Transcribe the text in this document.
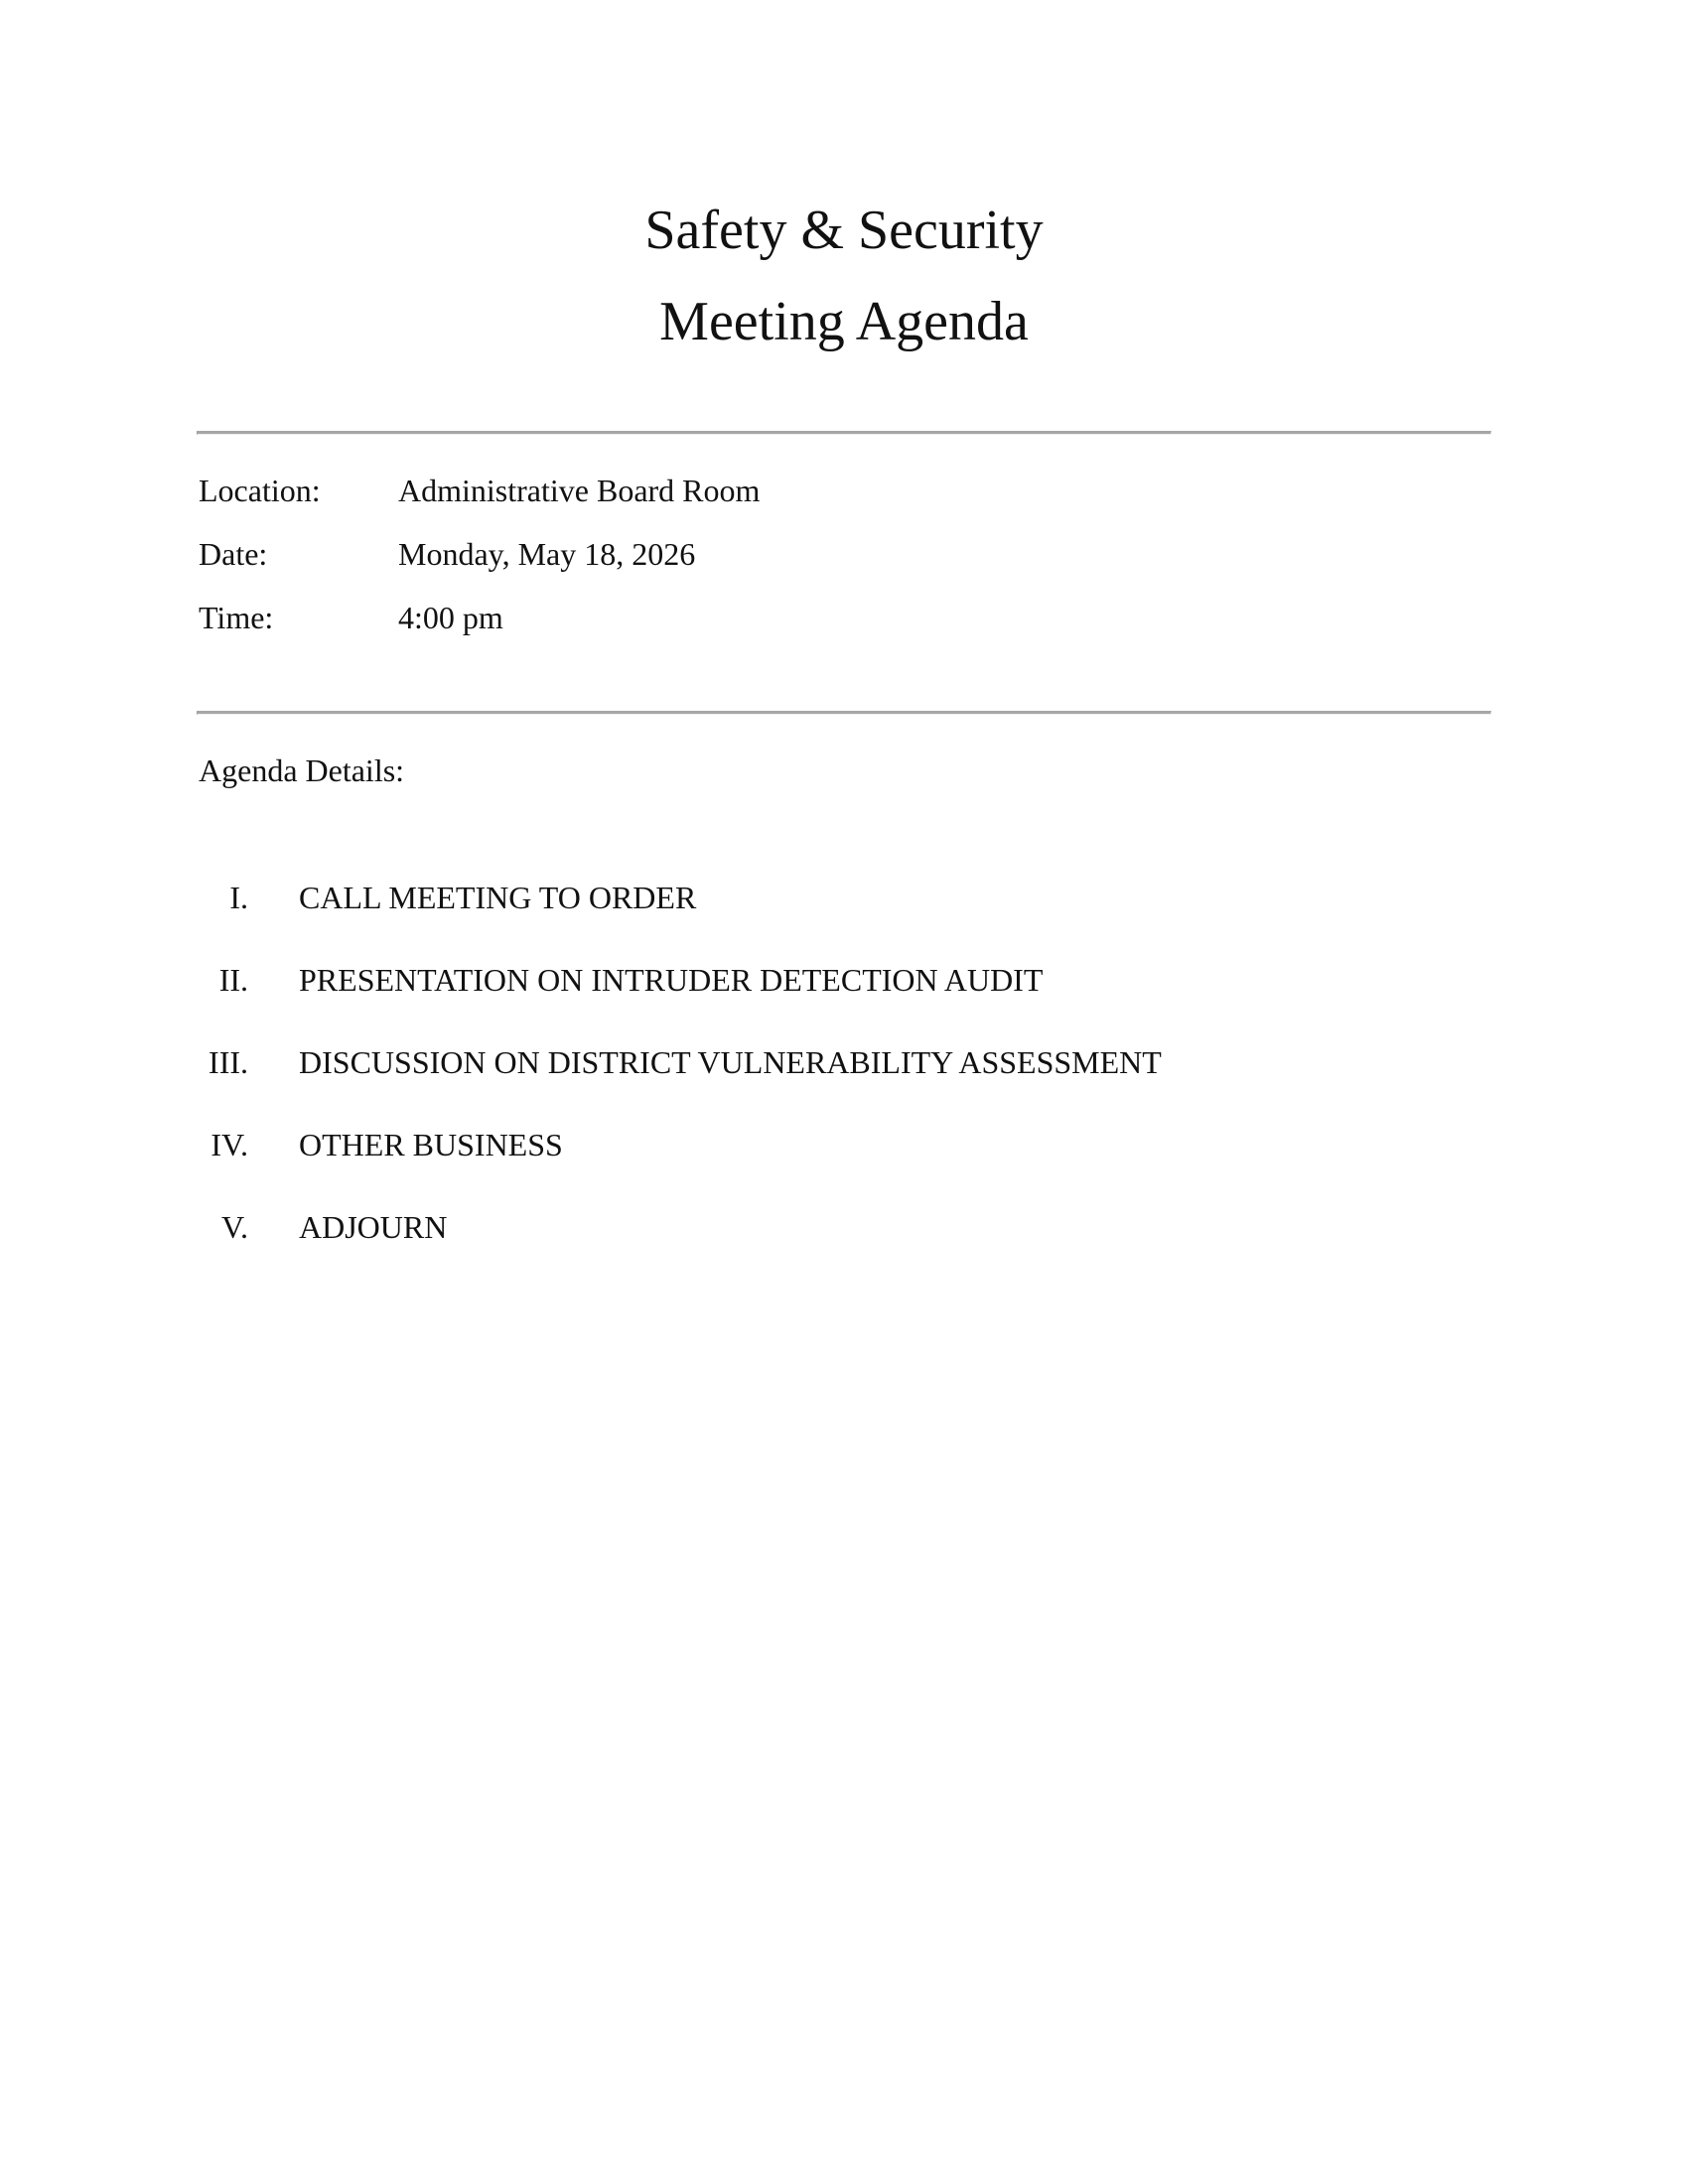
Safety & Security
Meeting Agenda
Location: Administrative Board Room
Date:	Monday, May 18, 2026
Time:	4:00 pm
Agenda Details:
I. CALL MEETING TO ORDER
II. PRESENTATION ON INTRUDER DETECTION AUDIT
III. DISCUSSION ON DISTRICT VULNERABILITY ASSESSMENT
IV. OTHER BUSINESS
V. ADJOURN
